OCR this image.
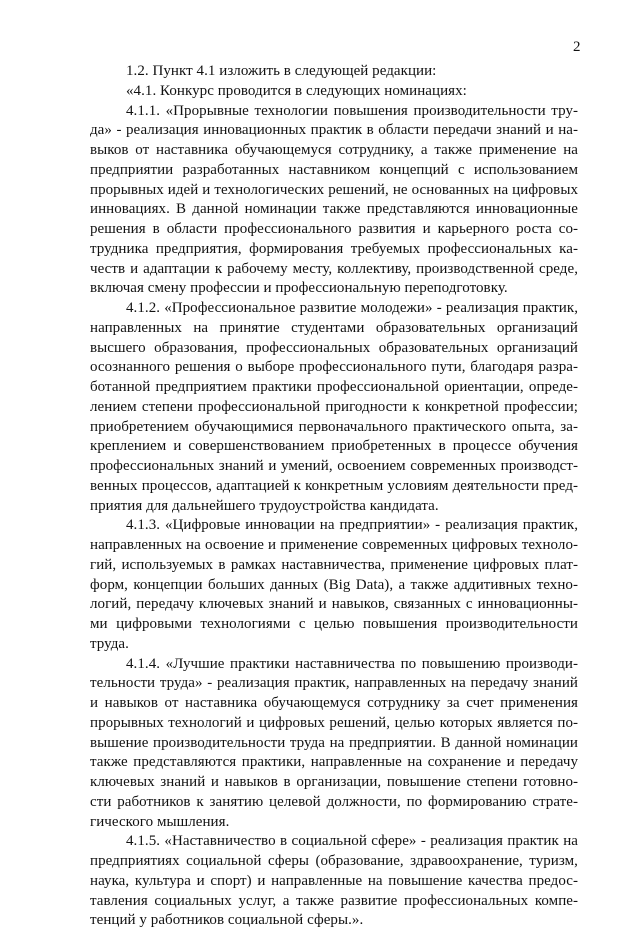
2

1.2. Пункт 4.1 изложить в следующей редакции:

«4.1. Конкурс проводится в следующих номинациях:

4.1.1. «Прорывные технологии повышения производительности труда» - реализация инновационных практик в области передачи знаний и навыков от наставника обучающемуся сотруднику, а также применение на предприятии разработанных наставником концепций с использованием прорывных идей и технологических решений, не основанных на цифровых инновациях. В данной номинации также представляются инновационные решения в области профессионального развития и карьерного роста сотрудника предприятия, формирования требуемых профессиональных качеств и адаптации к рабочему месту, коллективу, производственной среде, включая смену профессии и профессиональную переподготовку.

4.1.2. «Профессиональное развитие молодежи» - реализация практик, направленных на принятие студентами образовательных организаций высшего образования, профессиональных образовательных организаций осознанного решения о выборе профессионального пути, благодаря разработанной предприятием практики профессиональной ориентации, определением степени профессиональной пригодности к конкретной профессии; приобретением обучающимися первоначального практического опыта, закреплением и совершенствованием приобретенных в процессе обучения профессиональных знаний и умений, освоением современных производственных процессов, адаптацией к конкретным условиям деятельности предприятия для дальнейшего трудоустройства кандидата.

4.1.3. «Цифровые инновации на предприятии» - реализация практик, направленных на освоение и применение современных цифровых технологий, используемых в рамках наставничества, применение цифровых платформ, концепции больших данных (Big Data), а также аддитивных технологий, передачу ключевых знаний и навыков, связанных с инновационными цифровыми технологиями с целью повышения производительности труда.

4.1.4. «Лучшие практики наставничества по повышению производительности труда» - реализация практик, направленных на передачу знаний и навыков от наставника обучающемуся сотруднику за счет применения прорывных технологий и цифровых решений, целью которых является повышение производительности труда на предприятии. В данной номинации также представляются практики, направленные на сохранение и передачу ключевых знаний и навыков в организации, повышение степени готовности работников к занятию целевой должности, по формированию стратегического мышления.

4.1.5. «Наставничество в социальной сфере» - реализация практик на предприятиях социальной сферы (образование, здравоохранение, туризм, наука, культура и спорт) и направленные на повышение качества предоставления социальных услуг, а также развитие профессиональных компетенций у работников социальной сферы.».
